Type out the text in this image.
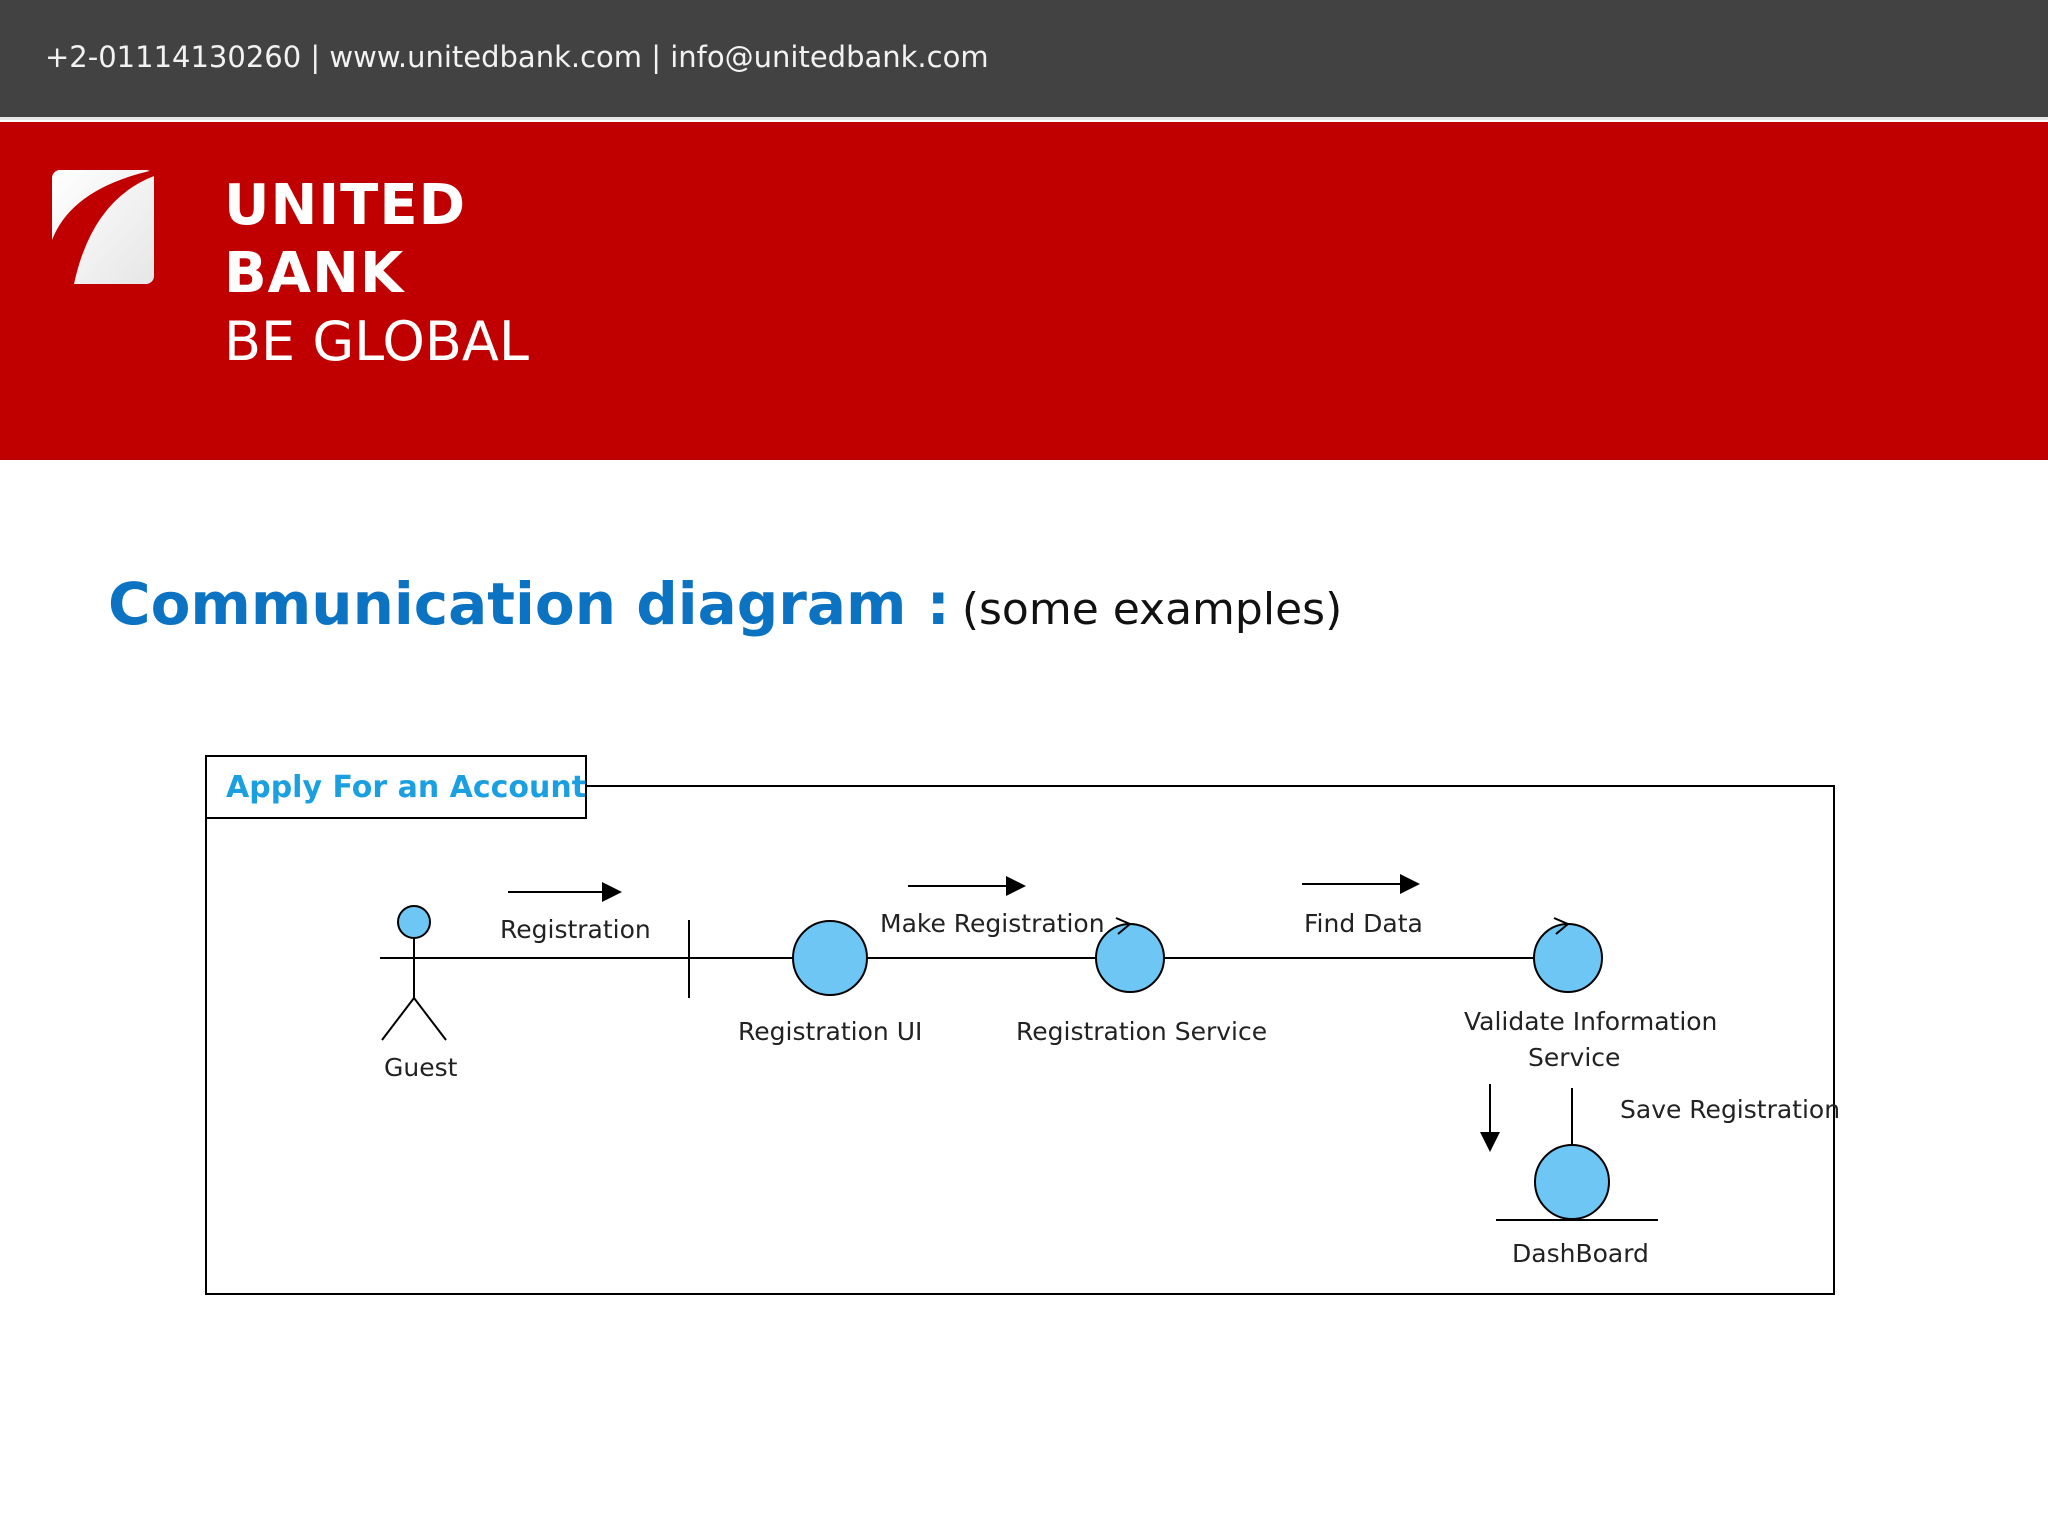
+2-01114130260 | www.unitedbank.com | info@unitedbank.com
UNITED
BANK
BE GLOBAL
Communication diagram : (some examples)
Apply For an Account
Guest
Registration UI	Registration Service	Validate Information
Service
DashBoard
Registration	Make Registration	Find Data
Save Registration
